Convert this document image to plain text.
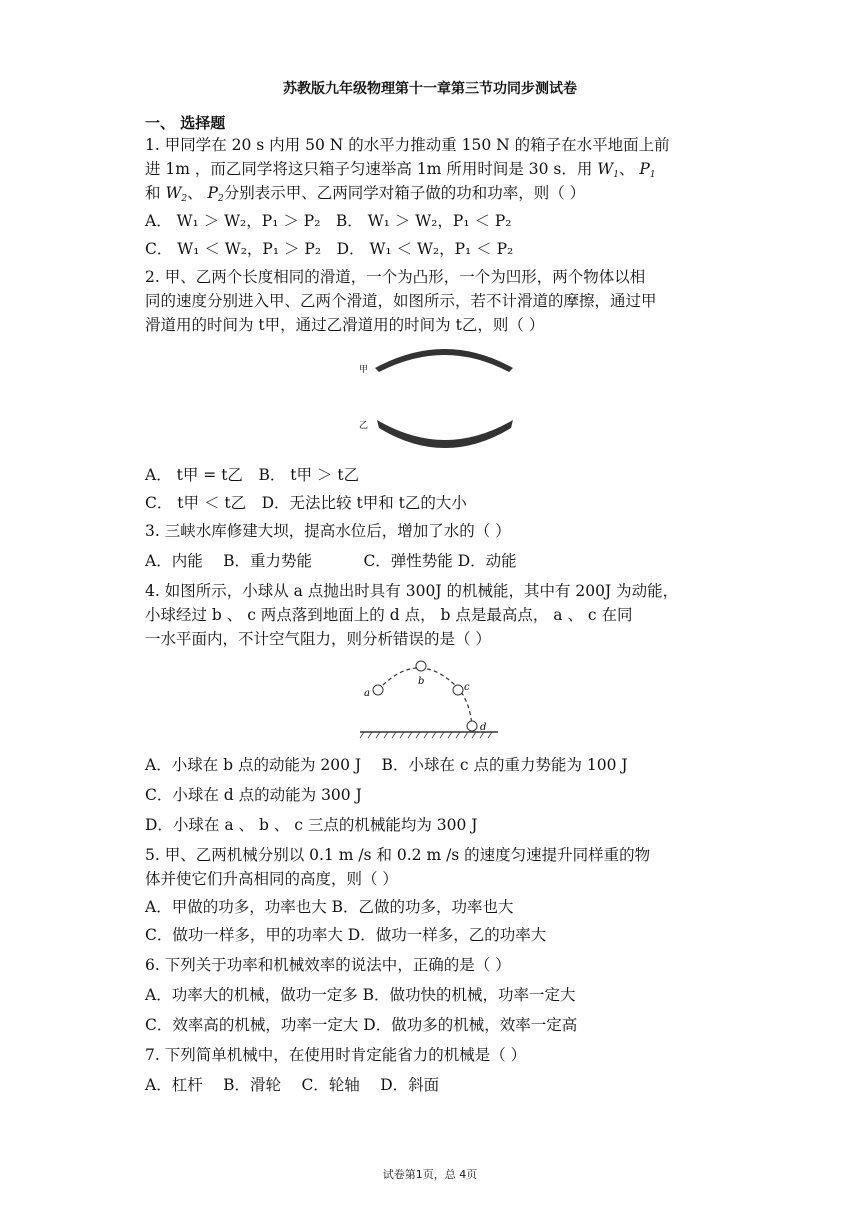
苏教版九年级物理第十一章第三节功同步测试卷
一、 选择题
1. 甲同学在 20 s 内用 50 N 的水平力推动重 150 N 的箱子在水平地面上前
进 1m ，而乙同学将这只箱子匀速举高 1m 所用时间是 30 s．用 $W_1$、 $P_1$
和 $W_2$、 $P_2$分别表示甲、乙两同学对箱子做的功和功率，则（ ）
A． W₁ ＞ W₂，P₁ ＞ P₂　 B． W₁ ＞ W₂，P₁ ＜ P₂
C． W₁ ＜ W₂，P₁ ＞ P₂　 D． W₁ ＜ W₂，P₁ ＜ P₂
2. 甲、乙两个长度相同的滑道，一个为凸形，一个为凹形，两个物体以相
同的速度分别进入甲、乙两个滑道，如图所示，若不计滑道的摩擦，通过甲
滑道用的时间为 t甲，通过乙滑道用的时间为 t乙，则（ ）
甲
乙
A． t甲 = t乙　 B． t甲 ＞ t乙
C． t甲 ＜ t乙　 D．无法比较 t甲和 t乙的大小
3. 三峡水库修建大坝，提高水位后，增加了水的（ ）
A．内能 　B．重力势能 　　　C．弹性势能 D．动能
4. 如图所示，小球从 a 点抛出时具有 300J 的机械能，其中有 200J 为动能，
小球经过 b 、 c 两点落到地面上的 d 点， b 点是最高点， a 、 c 在同
一水平面内，不计空气阻力，则分析错误的是（ ）
a
b
c
d
A．小球在 b 点的动能为 200 J 　B．小球在 c 点的重力势能为 100 J
C．小球在 d 点的动能为 300 J
D．小球在 a 、 b 、 c 三点的机械能均为 300 J
5. 甲、乙两机械分别以 0.1 m /s 和 0.2 m /s 的速度匀速提升同样重的物
体并使它们升高相同的高度，则（ ）
A．甲做的功多，功率也大 B．乙做的功多，功率也大
C．做功一样多，甲的功率大 D．做功一样多，乙的功率大
6. 下列关于功率和机械效率的说法中，正确的是（ ）
A．功率大的机械，做功一定多 B．做功快的机械，功率一定大
C．效率高的机械，功率一定大 D．做功多的机械，效率一定高
7. 下列简单机械中，在使用时肯定能省力的机械是（ ）
A．杠杆 　B．滑轮 　C．轮轴 　D．斜面
试卷第1页，总 4页
